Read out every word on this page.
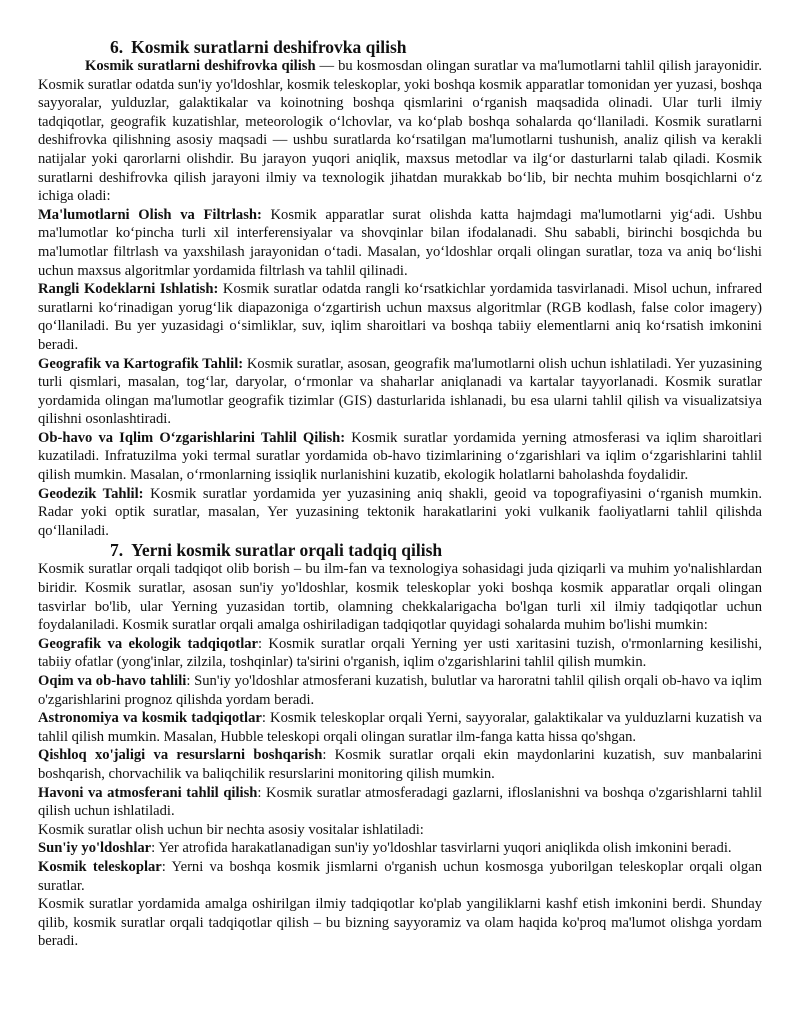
6. Kosmik suratlarni deshifrovka qilish

Kosmik suratlarni deshifrovka qilish — bu kosmosdan olingan suratlar va ma'lumotlarni tahlil qilish jarayonidir. Kosmik suratlar odatda sun'iy yo'ldoshlar, kosmik teleskoplar, yoki boshqa kosmik apparatlar tomonidan yer yuzasi, boshqa sayyoralar, yulduzlar, galaktikalar va koinotning boshqa qismlarini oʻrganish maqsadida olinadi. Ular turli ilmiy tadqiqotlar, geografik kuzatishlar, meteorologik oʻlchovlar, va koʻplab boshqa sohalarda qoʻllaniladi. Kosmik suratlarni deshifrovka qilishning asosiy maqsadi — ushbu suratlarda koʻrsatilgan ma'lumotlarni tushunish, analiz qilish va kerakli natijalar yoki qarorlarni olishdir. Bu jarayon yuqori aniqlik, maxsus metodlar va ilgʻor dasturlarni talab qiladi. Kosmik suratlarni deshifrovka qilish jarayoni ilmiy va texnologik jihatdan murakkab boʻlib, bir nechta muhim bosqichlarni oʻz ichiga oladi:

Ma'lumotlarni Olish va Filtrlash: Kosmik apparatlar surat olishda katta hajmdagi ma'lumotlarni yigʻadi. Ushbu ma'lumotlar koʻpincha turli xil interferensiyalar va shovqinlar bilan ifodalanadi. Shu sababli, birinchi bosqichda bu ma'lumotlar filtrlash va yaxshilash jarayonidan oʻtadi. Masalan, yoʻldoshlar orqali olingan suratlar, toza va aniq boʻlishi uchun maxsus algoritmlar yordamida filtrlash va tahlil qilinadi.

Rangli Kodeklarni Ishlatish: Kosmik suratlar odatda rangli koʻrsatkichlar yordamida tasvirlanadi. Misol uchun, infrared suratlarni koʻrinadigan yorugʻlik diapazoniga oʻzgartirish uchun maxsus algoritmlar (RGB kodlash, false color imagery) qoʻllaniladi. Bu yer yuzasidagi oʻsimliklar, suv, iqlim sharoitlari va boshqa tabiiy elementlarni aniq koʻrsatish imkonini beradi.

Geografik va Kartografik Tahlil: Kosmik suratlar, asosan, geografik ma'lumotlarni olish uchun ishlatiladi. Yer yuzasining turli qismlari, masalan, togʻlar, daryolar, oʻrmonlar va shaharlar aniqlanadi va kartalar tayyorlanadi. Kosmik suratlar yordamida olingan ma'lumotlar geografik tizimlar (GIS) dasturlarida ishlanadi, bu esa ularni tahlil qilish va visualizatsiya qilishni osonlashtiradi.

Ob-havo va Iqlim Oʻzgarishlarini Tahlil Qilish: Kosmik suratlar yordamida yerning atmosferasi va iqlim sharoitlari kuzatiladi. Infratuzilma yoki termal suratlar yordamida ob-havo tizimlarining oʻzgarishlari va iqlim oʻzgarishlarini tahlil qilish mumkin. Masalan, oʻrmonlarning issiqlik nurlanishini kuzatib, ekologik holatlarni baholashda foydalidir.

Geodezik Tahlil: Kosmik suratlar yordamida yer yuzasining aniq shakli, geoid va topografiyasini oʻrganish mumkin. Radar yoki optik suratlar, masalan, Yer yuzasining tektonik harakatlarini yoki vulkanik faoliyatlarni tahlil qilishda qoʻllaniladi.

7. Yerni kosmik suratlar orqali tadqiq qilish

Kosmik suratlar orqali tadqiqot olib borish – bu ilm-fan va texnologiya sohasidagi juda qiziqarli va muhim yo'nalishlardan biridir. Kosmik suratlar, asosan sun'iy yo'ldoshlar, kosmik teleskoplar yoki boshqa kosmik apparatlar orqali olingan tasvirlar bo'lib, ular Yerning yuzasidan tortib, olamning chekkalarigacha bo'lgan turli xil ilmiy tadqiqotlar uchun foydalaniladi. Kosmik suratlar orqali amalga oshiriladigan tadqiqotlar quyidagi sohalarda muhim bo'lishi mumkin:

Geografik va ekologik tadqiqotlar: Kosmik suratlar orqali Yerning yer usti xaritasini tuzish, o'rmonlarning kesilishi, tabiiy ofatlar (yong'inlar, zilzila, toshqinlar) ta'sirini o'rganish, iqlim o'zgarishlarini tahlil qilish mumkin.

Oqim va ob-havo tahlili: Sun'iy yo'ldoshlar atmosferani kuzatish, bulutlar va haroratni tahlil qilish orqali ob-havo va iqlim o'zgarishlarini prognoz qilishda yordam beradi.

Astronomiya va kosmik tadqiqotlar: Kosmik teleskoplar orqali Yerni, sayyoralar, galaktikalar va yulduzlarni kuzatish va tahlil qilish mumkin. Masalan, Hubble teleskopi orqali olingan suratlar ilm-fanga katta hissa qo'shgan.

Qishloq xo'jaligi va resurslarni boshqarish: Kosmik suratlar orqali ekin maydonlarini kuzatish, suv manbalarini boshqarish, chorvachilik va baliqchilik resurslarini monitoring qilish mumkin.

Havoni va atmosferani tahlil qilish: Kosmik suratlar atmosferadagi gazlarni, ifloslanishni va boshqa o'zgarishlarni tahlil qilish uchun ishlatiladi.

Kosmik suratlar olish uchun bir nechta asosiy vositalar ishlatiladi:

Sun'iy yo'ldoshlar: Yer atrofida harakatlanadigan sun'iy yo'ldoshlar tasvirlarni yuqori aniqlikda olish imkonini beradi.

Kosmik teleskoplar: Yerni va boshqa kosmik jismlarni o'rganish uchun kosmosga yuborilgan teleskoplar orqali olgan suratlar.

Kosmik suratlar yordamida amalga oshirilgan ilmiy tadqiqotlar ko'plab yangiliklarni kashf etish imkonini berdi. Shunday qilib, kosmik suratlar orqali tadqiqotlar qilish – bu bizning sayyoramiz va olam haqida ko'proq ma'lumot olishga yordam beradi.
